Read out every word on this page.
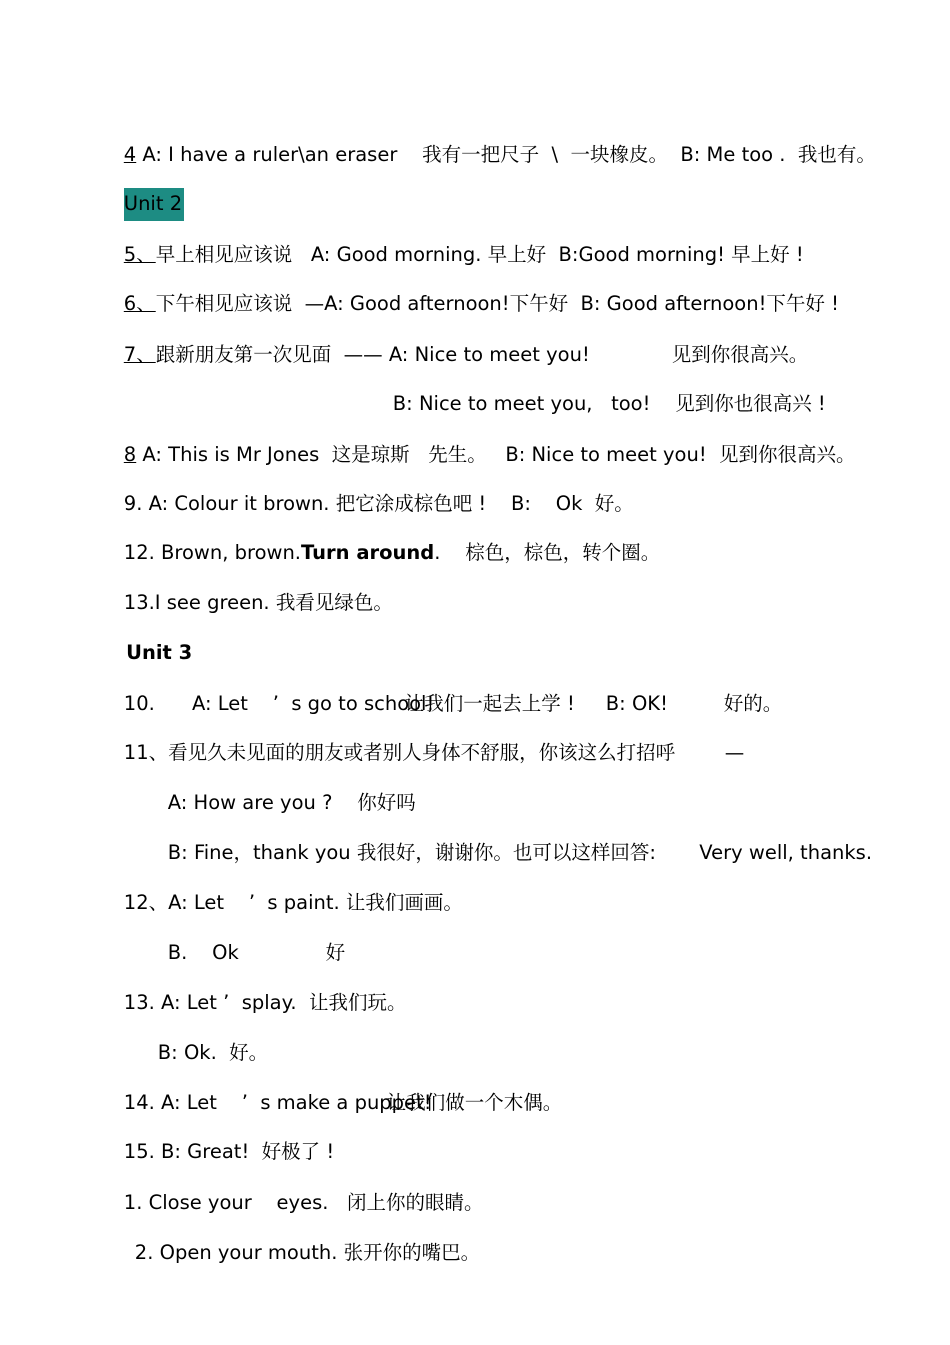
4 A: I have a ruler\an eraser    我有一把尺子  \  一块橡皮。  B: Me too .  我也有。

Unit 2

5、早上相见应该说   A: Good morning. 早上好  B:Good morning! 早上好 !

6、下午相见应该说  —A: Good afternoon!下午好  B: Good afternoon!下午好 !

7、跟新朋友第一次见面  —— A: Nice to meet you!
	见到你很高兴。

B: Nice to meet you,   too!    见到你也很高兴 !

8 A: This is Mr Jones  这是琼斯   先生。   B: Nice to meet you!  见到你很高兴。

9. A: Colour it brown. 把它涂成棕色吧 !    B:    Ok  好。

12. Brown, brown.Turn around.    棕色，棕色，转个圈。

13.I see green. 我看见绿色。

Unit 3

10.      A: Let    ’  s go to school!

让我们一起去上学 !     B: OK!         好的。

11、看见久未见面的朋友或者别人身体不舒服，你该这么打招呼        —

A: How are you ?    你好吗

B: Fine，thank you 我很好，谢谢你。也可以这样回答:       Very well, thanks.

12、A: Let    ’  s paint. 让我们画画。

B.    Ok              好

13. A: Let ’  splay.  让我们玩。

B: Ok.  好。

14. A: Let    ’  s make a puppet!

让我们做一个木偶。

15. B: Great!  好极了 !

1. Close your    eyes.   闭上你的眼睛。

2. Open your mouth. 张开你的嘴巴。
